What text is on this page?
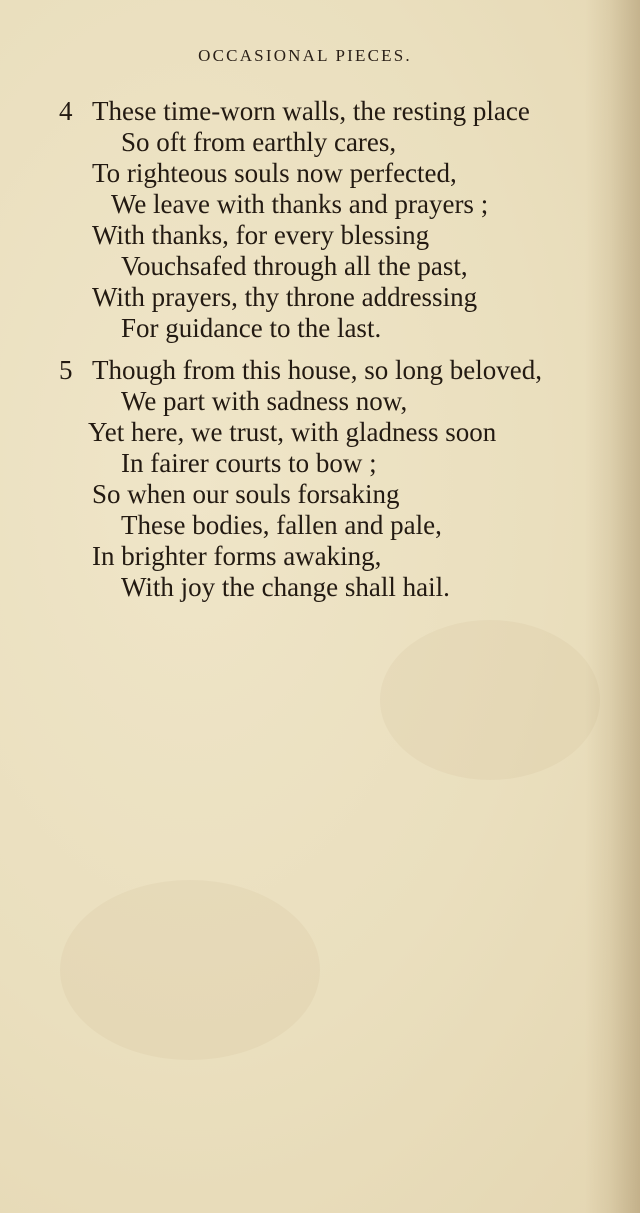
OCCASIONAL PIECES.
4 These time-worn walls, the resting place
So oft from earthly cares,
To righteous souls now perfected,
We leave with thanks and prayers ;
With thanks, for every blessing
Vouchsafed through all the past,
With prayers, thy throne addressing
For guidance to the last.
5 Though from this house, so long beloved,
We part with sadness now,
Yet here, we trust, with gladness soon
In fairer courts to bow ;
So when our souls forsaking
These bodies, fallen and pale,
In brighter forms awaking,
With joy the change shall hail.
